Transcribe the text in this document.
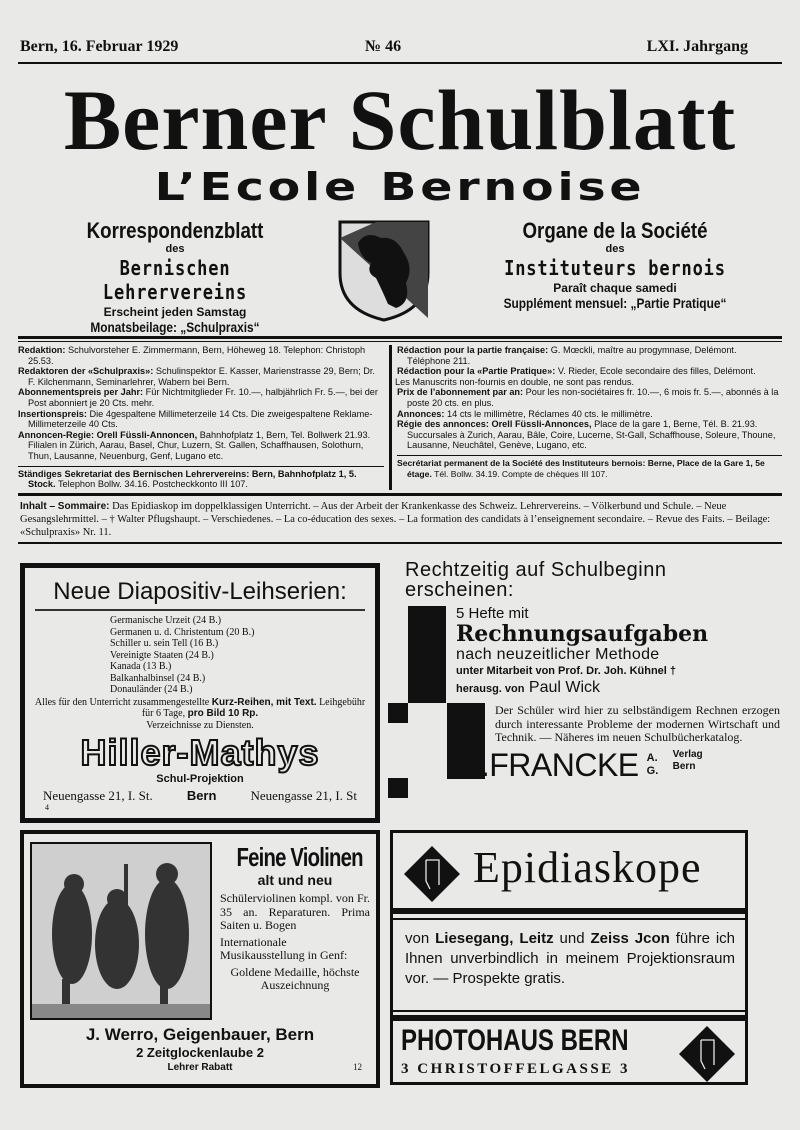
Bern, 16. Februar 1929	№ 46	LXI. Jahrgang
Berner Schulblatt
L’Ecole Bernoise
Korrespondenzblatt
des
Bernischen Lehrervereins
Erscheint jeden Samstag
Monatsbeilage: „Schulpraxis“
Organe de la Société
des
Instituteurs bernois
Paraît chaque samedi
Supplément mensuel: „Partie Pratique“

Redaktion: Schulvorsteher E. Zimmermann, Bern, Höheweg 18. Telephon: Christoph 25.53.

Redaktoren der «Schulpraxis»: Schulinspektor E. Kasser, Marienstrasse 29, Bern; Dr. F. Kilchenmann, Seminarlehrer, Wabern bei Bern.

Abonnementspreis per Jahr: Für Nichtmitglieder Fr. 10.—, halbjährlich Fr. 5.—, bei der Post abonniert je 20 Cts. mehr.

Insertionspreis: Die 4gespaltene Millimeterzeile 14 Cts. Die zweigespaltene Reklame-Millimeterzeile 40 Cts.

Annoncen-Regie: Orell Füssli-Annoncen, Bahnhofplatz 1, Bern, Tel. Bollwerk 21.93. Filialen in Zürich, Aarau, Basel, Chur, Luzern, St. Gallen, Schaffhausen, Solothurn, Thun, Lausanne, Neuenburg, Genf, Lugano etc.

Ständiges Sekretariat des Bernischen Lehrervereins: Bern, Bahnhofplatz 1, 5. Stock. Telephon Bollw. 34.16. Postcheckkonto III 107.

Rédaction pour la partie française: G. Mœckli, maître au progymnase, Delémont. Téléphone 211.

Rédaction pour la «Partie Pratique»: V. Rieder, Ecole secondaire des filles, Delémont.

Les Manuscrits non-fournis en double, ne sont pas rendus.

Prix de l’abonnement par an: Pour les non-sociétaires fr. 10.—, 6 mois fr. 5.—, abonnés à la poste 20 cts. en plus.

Annonces: 14 cts le millimètre, Réclames 40 cts. le millimètre.

Régie des annonces: Orell Füssli-Annonces, Place de la gare 1, Berne, Tél. B. 21.93. Succursales à Zurich, Aarau, Bâle, Coire, Lucerne, St-Gall, Schaffhouse, Soleure, Thoune, Lausanne, Neuchâtel, Genève, Lugano, etc.

Secrétariat permanent de la Société des Instituteurs bernois: Berne, Place de la Gare 1, 5e étage. Tél. Bollw. 34.19. Compte de chèques III 107.

Inhalt – Sommaire: Das Epidiaskop im doppelklassigen Unterricht. – Aus der Arbeit der Krankenkasse des Schweiz. Lehrervereins. – Völkerbund und Schule. – Neue Gesangslehrmittel. – † Walter Pflugshaupt. – Verschiedenes. – La co-éducation des sexes. – La formation des candidats à l’enseignement secondaire. – Revue des Faits. – Beilage: «Schulpraxis» Nr. 11.
Neue Diapositiv-Leihserien:
Germanische Urzeit (24 B.)
Germanen u. d. Christentum (20 B.)
Schiller u. sein Tell (16 B.)
Vereinigte Staaten (24 B.)
Kanada (13 B.)
Balkanhalbinsel (24 B.)
Donauländer (24 B.)
Alles für den Unterricht zusammengestellte Kurz-Reihen, mit Text. Leihgebühr für 6 Tage, pro Bild 10 Rp.
Verzeichnisse zu Diensten.
Hiller-Mathys
Schul-Projektion
Neuengasse 21, I. St.	Bern	Neuengasse 21, I. St
4
Rechtzeitig auf Schulbeginn erscheinen:
5 Hefte mit
Rechnungsaufgaben
nach neuzeitlicher Methode
unter Mitarbeit von Prof. Dr. Joh. Kühnel †
herausg. von Paul Wick
Der Schüler wird hier zu selbständigem Rechnen erzogen durch interessante Probleme der modernen Wirtschaft und Technik. — Näheres im neuen Schulbücherkatalog.
A.FRANCKE A. G.
Verlag Bern
Feine Violinen
alt und neu
Schülerviolinen kompl. von Fr. 35 an. Reparaturen. Prima Saiten u. Bogen
Internationale Musikausstellung in Genf:
Goldene Medaille, höchste Auszeichnung
J. Werro, Geigenbauer, Bern
2 Zeitglockenlaube 2
Lehrer Rabatt	12
Epidiaskope
von Liesegang, Leitz und Zeiss Jcon führe ich Ihnen unverbindlich in meinem Projektionsraum vor. — Prospekte gratis.
PHOTOHAUS BERN
3 CHRISTOFFELGASSE 3
